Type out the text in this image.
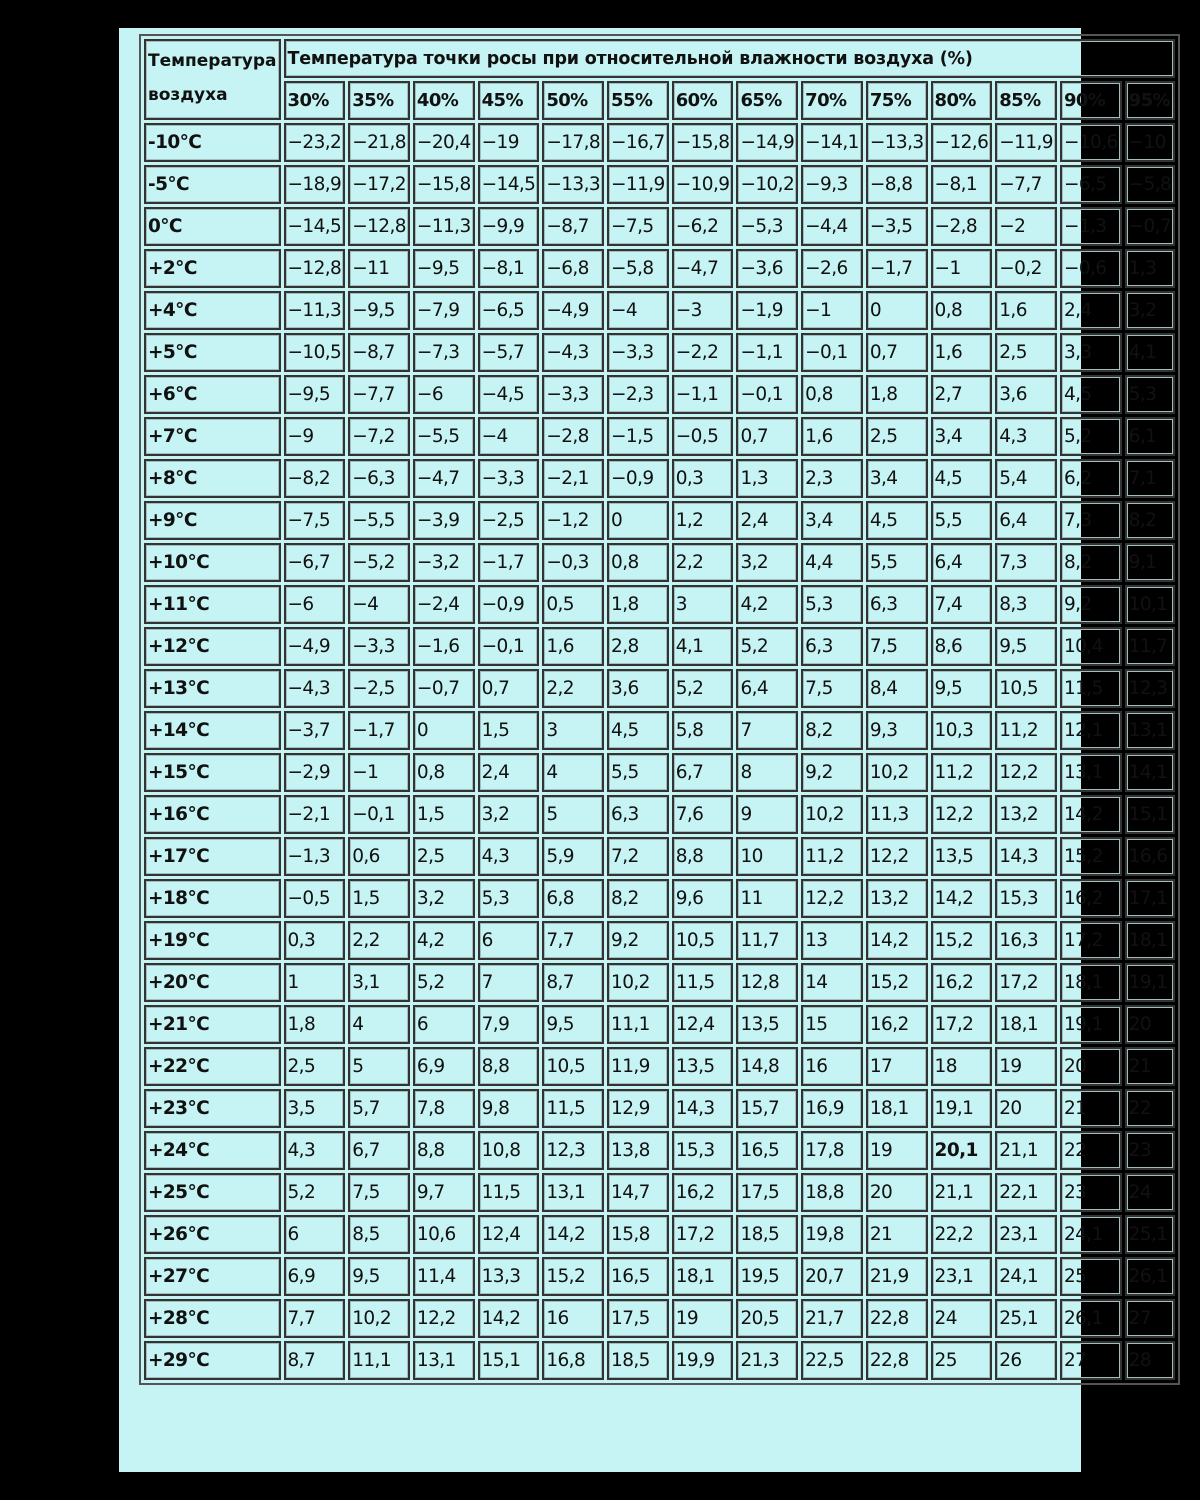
Температура
воздуха	Температура точки росы при относительной влажности воздуха (%)													
	30%	35%	40%	45%	50%	55%	60%	65%	70%	75%	80%	85%	90%	95%
-10°C	−23,2	−21,8	−20,4	−19	−17,8	−16,7	−15,8	−14,9	−14,1	−13,3	−12,6	−11,9	−10,6	−10
-5°C	−18,9	−17,2	−15,8	−14,5	−13,3	−11,9	−10,9	−10,2	−9,3	−8,8	−8,1	−7,7	−6,5	−5,8
0°C	−14,5	−12,8	−11,3	−9,9	−8,7	−7,5	−6,2	−5,3	−4,4	−3,5	−2,8	−2	−1,3	−0,7
+2°C	−12,8	−11	−9,5	−8,1	−6,8	−5,8	−4,7	−3,6	−2,6	−1,7	−1	−0,2	−0,6	1,3
+4°C	−11,3	−9,5	−7,9	−6,5	−4,9	−4	−3	−1,9	−1	0	0,8	1,6	2,4	3,2
+5°C	−10,5	−8,7	−7,3	−5,7	−4,3	−3,3	−2,2	−1,1	−0,1	0,7	1,6	2,5	3,3	4,1
+6°C	−9,5	−7,7	−6	−4,5	−3,3	−2,3	−1,1	−0,1	0,8	1,8	2,7	3,6	4,5	5,3
+7°C	−9	−7,2	−5,5	−4	−2,8	−1,5	−0,5	0,7	1,6	2,5	3,4	4,3	5,2	6,1
+8°C	−8,2	−6,3	−4,7	−3,3	−2,1	−0,9	0,3	1,3	2,3	3,4	4,5	5,4	6,2	7,1
+9°C	−7,5	−5,5	−3,9	−2,5	−1,2	0	1,2	2,4	3,4	4,5	5,5	6,4	7,3	8,2
+10°C	−6,7	−5,2	−3,2	−1,7	−0,3	0,8	2,2	3,2	4,4	5,5	6,4	7,3	8,2	9,1
+11°C	−6	−4	−2,4	−0,9	0,5	1,8	3	4,2	5,3	6,3	7,4	8,3	9,2	10,1
+12°C	−4,9	−3,3	−1,6	−0,1	1,6	2,8	4,1	5,2	6,3	7,5	8,6	9,5	10,4	11,7
+13°C	−4,3	−2,5	−0,7	0,7	2,2	3,6	5,2	6,4	7,5	8,4	9,5	10,5	11,5	12,3
+14°C	−3,7	−1,7	0	1,5	3	4,5	5,8	7	8,2	9,3	10,3	11,2	12,1	13,1
+15°C	−2,9	−1	0,8	2,4	4	5,5	6,7	8	9,2	10,2	11,2	12,2	13,1	14,1
+16°C	−2,1	−0,1	1,5	3,2	5	6,3	7,6	9	10,2	11,3	12,2	13,2	14,2	15,1
+17°C	−1,3	0,6	2,5	4,3	5,9	7,2	8,8	10	11,2	12,2	13,5	14,3	15,2	16,6
+18°C	−0,5	1,5	3,2	5,3	6,8	8,2	9,6	11	12,2	13,2	14,2	15,3	16,2	17,1
+19°C	0,3	2,2	4,2	6	7,7	9,2	10,5	11,7	13	14,2	15,2	16,3	17,2	18,1
+20°C	1	3,1	5,2	7	8,7	10,2	11,5	12,8	14	15,2	16,2	17,2	18,1	19,1
+21°C	1,8	4	6	7,9	9,5	11,1	12,4	13,5	15	16,2	17,2	18,1	19,1	20
+22°C	2,5	5	6,9	8,8	10,5	11,9	13,5	14,8	16	17	18	19	20	21
+23°C	3,5	5,7	7,8	9,8	11,5	12,9	14,3	15,7	16,9	18,1	19,1	20	21	22
+24°C	4,3	6,7	8,8	10,8	12,3	13,8	15,3	16,5	17,8	19	20,1	21,1	22	23
+25°C	5,2	7,5	9,7	11,5	13,1	14,7	16,2	17,5	18,8	20	21,1	22,1	23	24
+26°C	6	8,5	10,6	12,4	14,2	15,8	17,2	18,5	19,8	21	22,2	23,1	24,1	25,1
+27°C	6,9	9,5	11,4	13,3	15,2	16,5	18,1	19,5	20,7	21,9	23,1	24,1	25	26,1
+28°C	7,7	10,2	12,2	14,2	16	17,5	19	20,5	21,7	22,8	24	25,1	26,1	27
+29°C	8,7	11,1	13,1	15,1	16,8	18,5	19,9	21,3	22,5	22,8	25	26	27	28
